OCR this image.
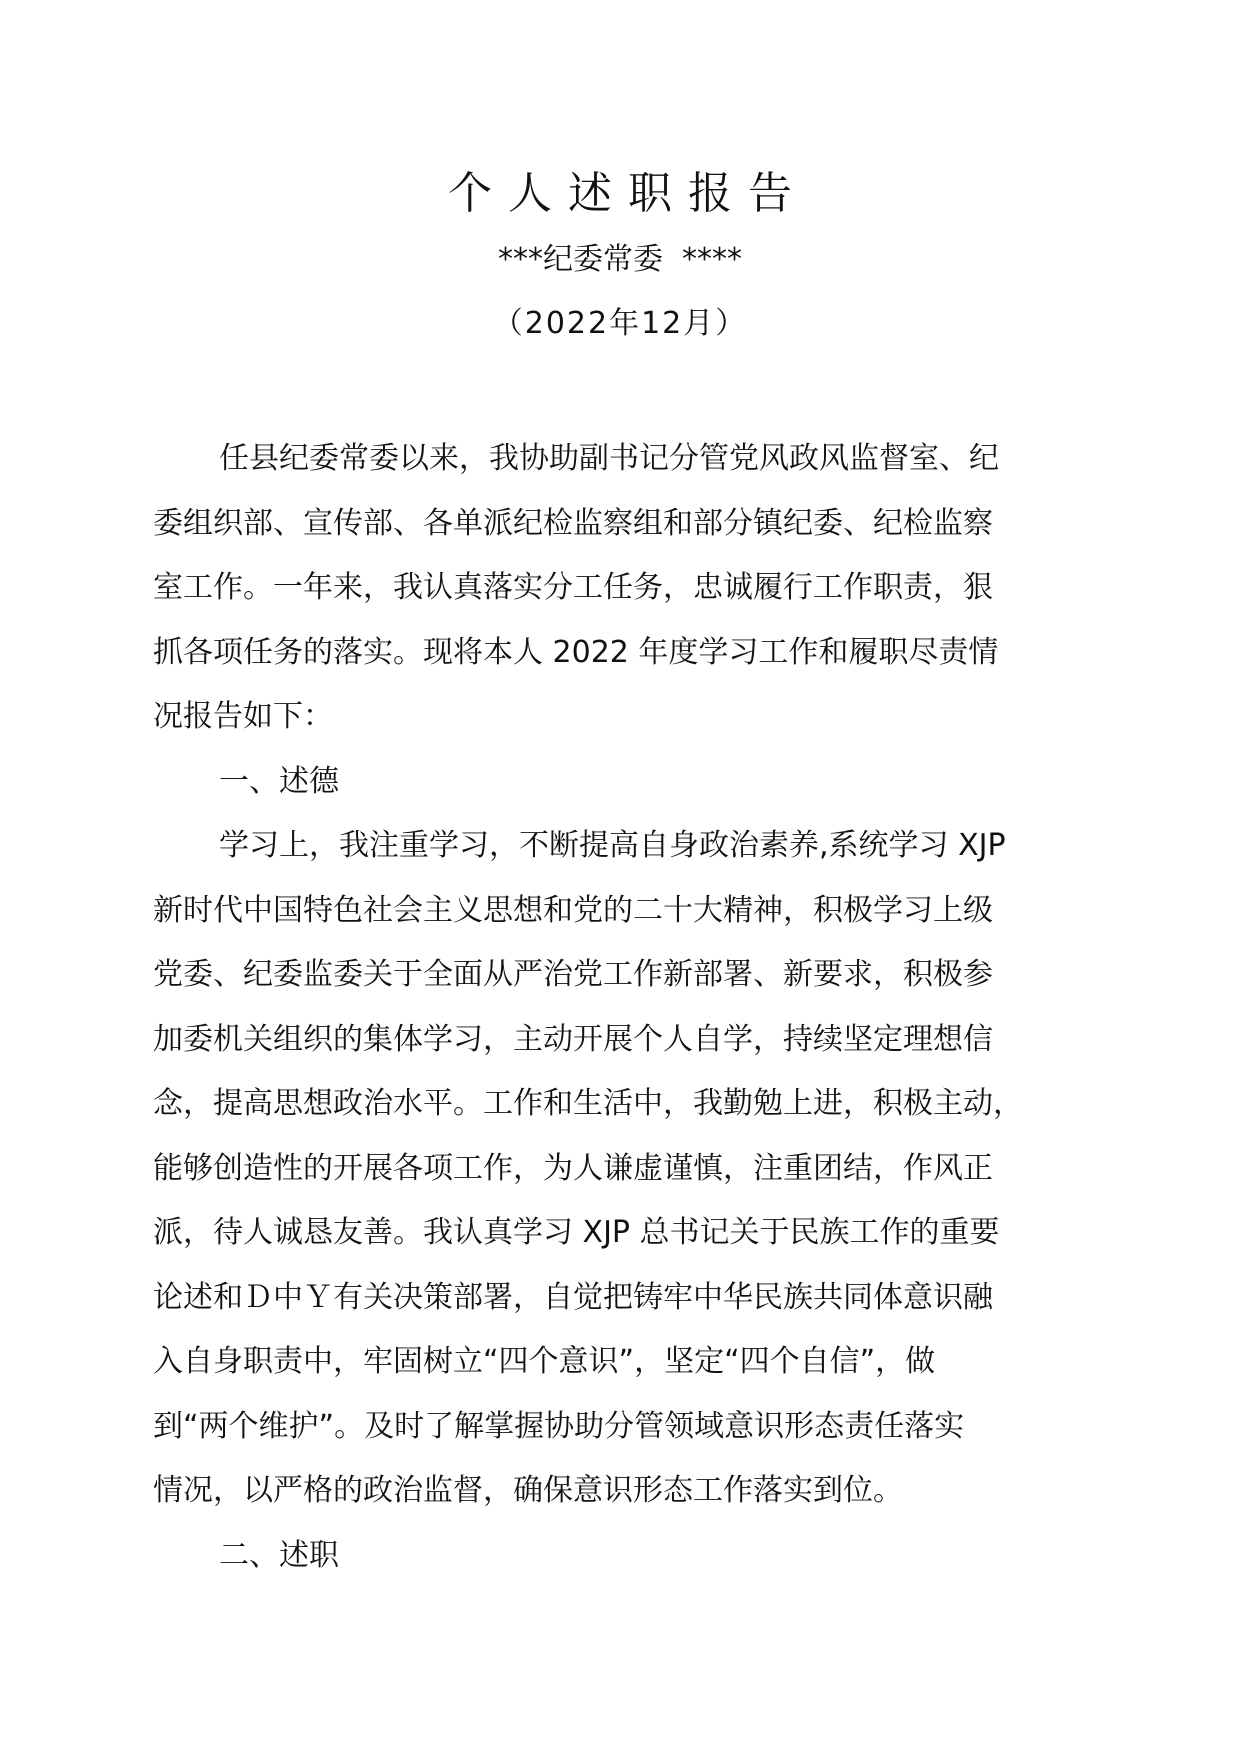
个人述职报告
***纪委常委  ****
（2022年12月）
任县纪委常委以来，我协助副书记分管党风政风监督室、纪
委组织部、宣传部、各单派纪检监察组和部分镇纪委、纪检监察
室工作。一年来，我认真落实分工任务，忠诚履行工作职责，狠
抓各项任务的落实。现将本人 2022 年度学习工作和履职尽责情
况报告如下：
一、述德
学习上，我注重学习，不断提高自身政治素养,系统学习 XJP
新时代中国特色社会主义思想和党的二十大精神，积极学习上级
党委、纪委监委关于全面从严治党工作新部署、新要求，积极参
加委机关组织的集体学习，主动开展个人自学，持续坚定理想信
念，提高思想政治水平。工作和生活中，我勤勉上进，积极主动，
能够创造性的开展各项工作，为人谦虚谨慎，注重团结，作风正
派，待人诚恳友善。我认真学习 XJP 总书记关于民族工作的重要
论述和Ｄ中Ｙ有关决策部署，自觉把铸牢中华民族共同体意识融
入自身职责中，牢固树立“四个意识”，坚定“四个自信”，做
到“两个维护”。及时了解掌握协助分管领域意识形态责任落实
情况，以严格的政治监督，确保意识形态工作落实到位。
二、述职
